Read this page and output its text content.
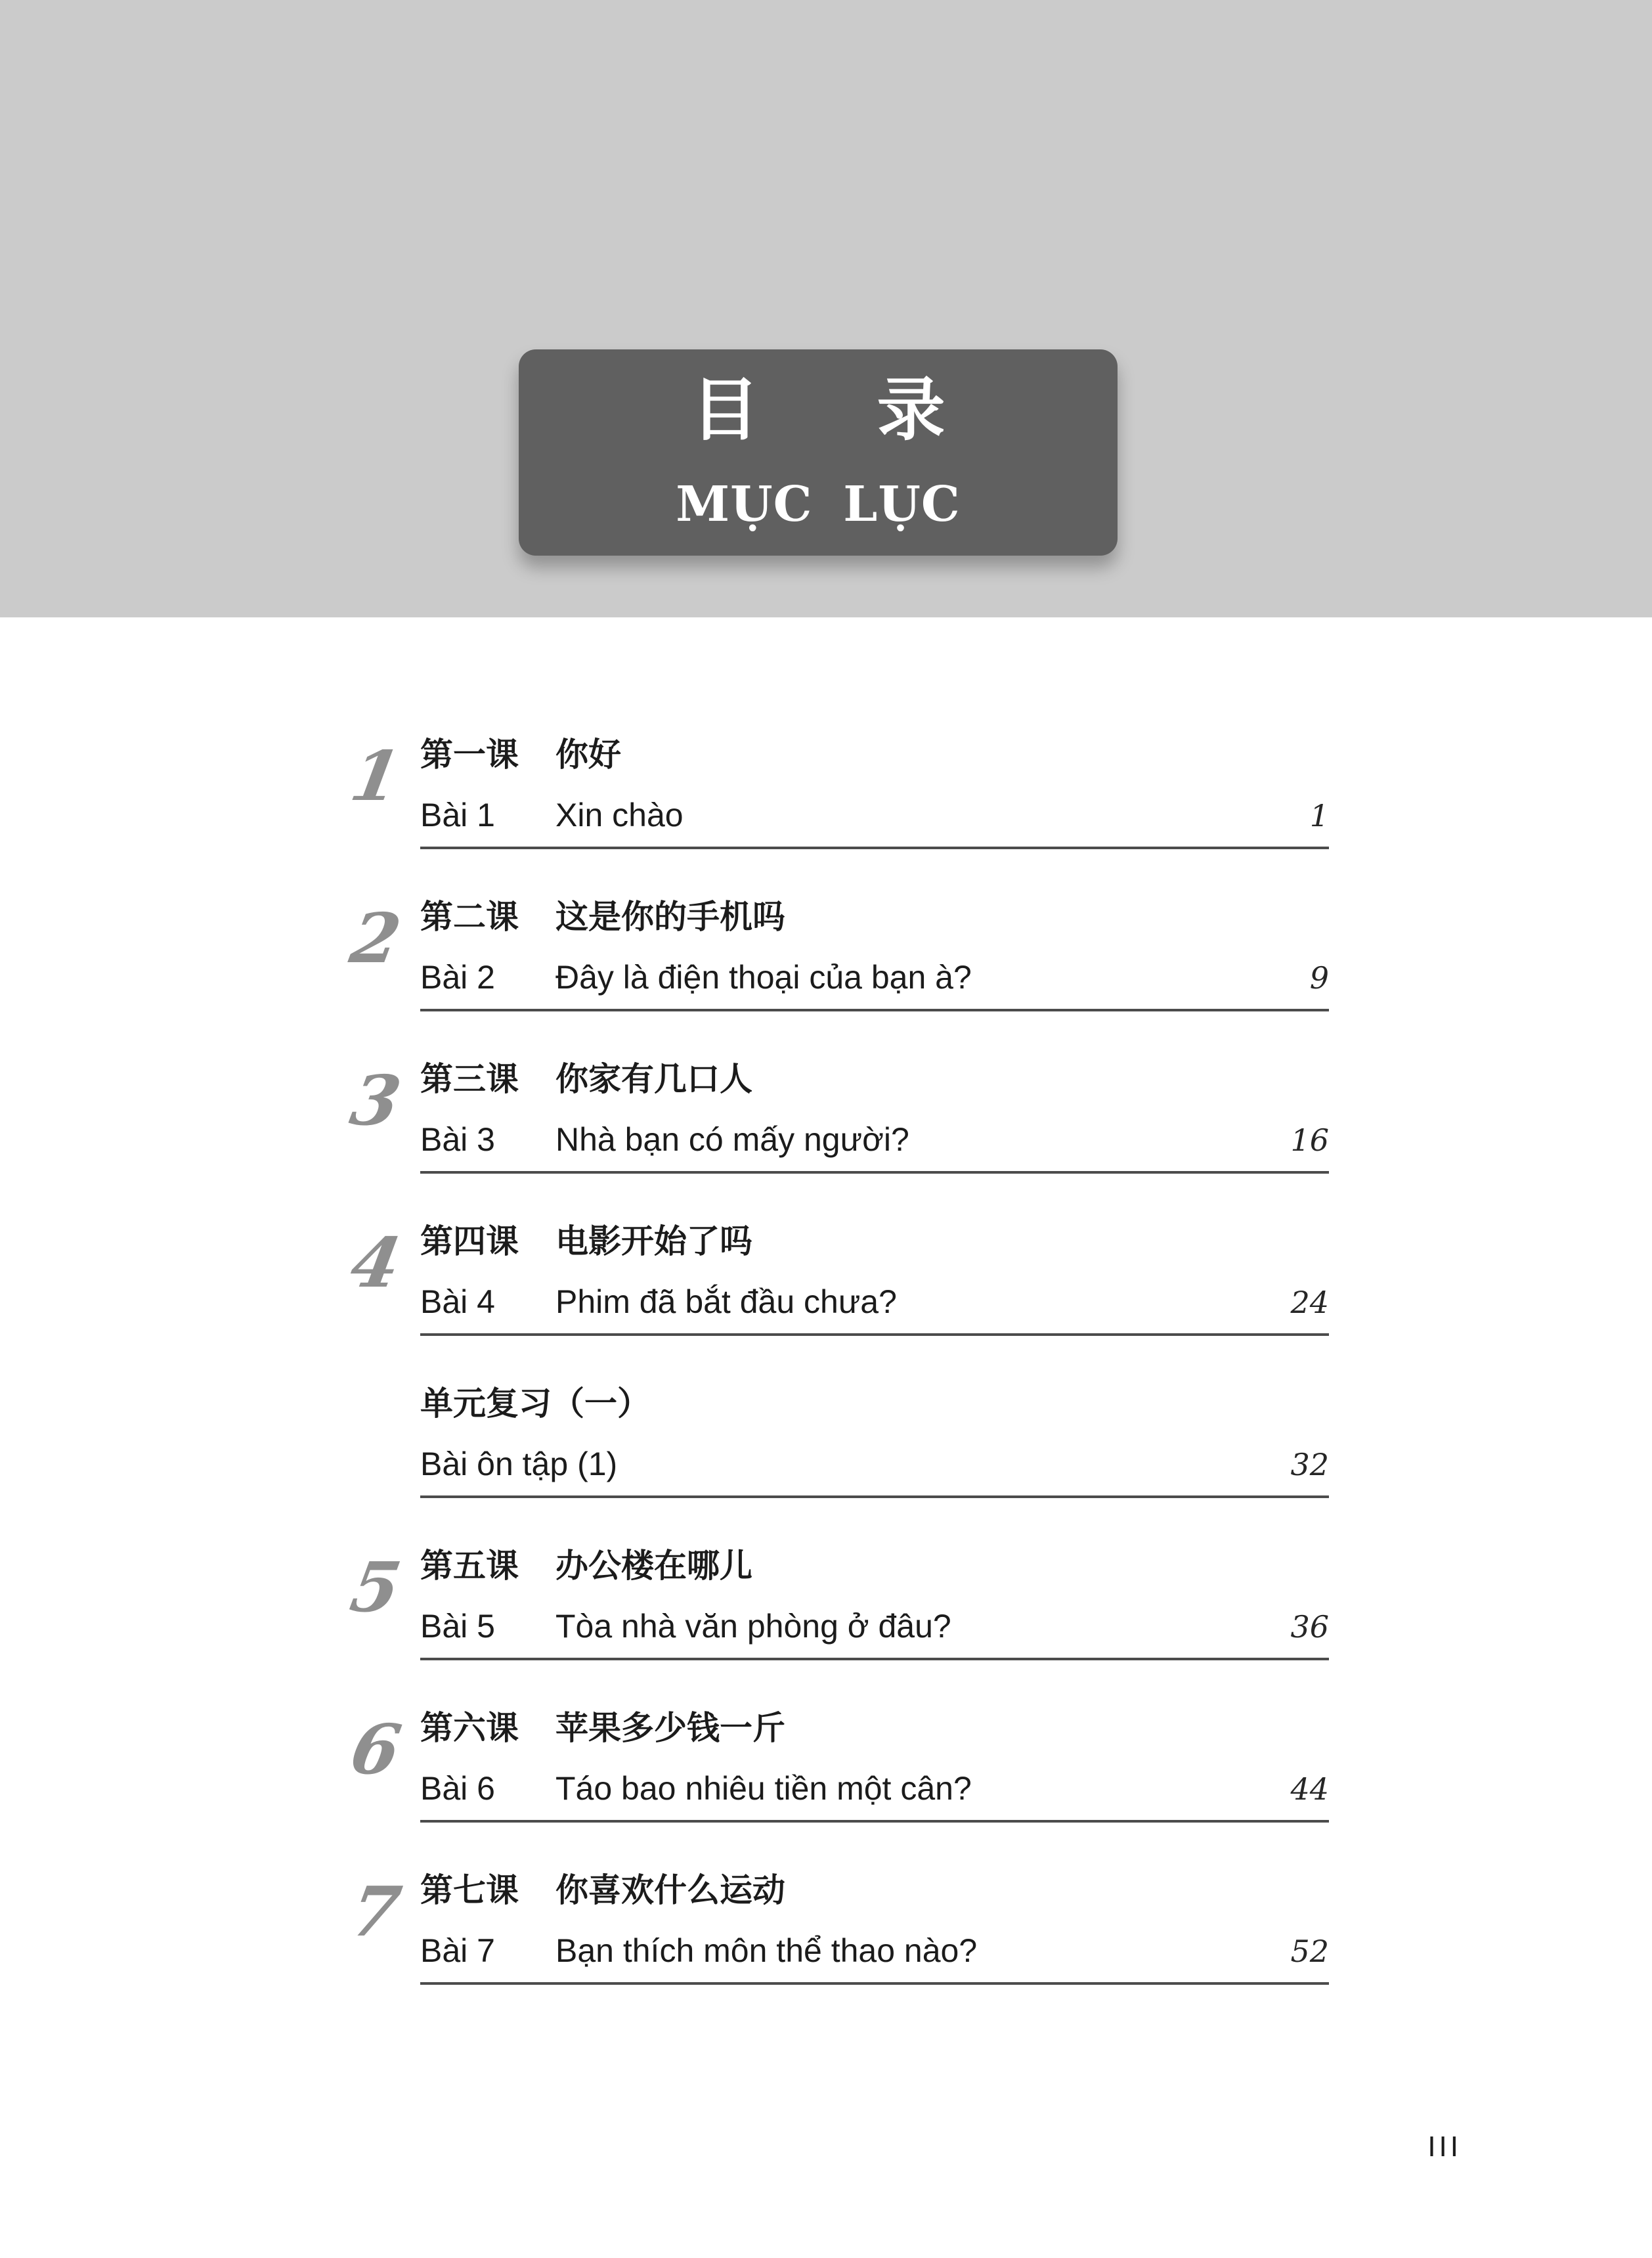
目 录
MỤC LỤC
1 第一课	你好
Bài 1	Xin chào	1
2 第二课	这是你的手机吗
Bài 2	Đây là điện thoại của bạn à?	9
3 第三课	你家有几口人
Bài 3	Nhà bạn có mấy người?	16
4 第四课	电影开始了吗
Bài 4	Phim đã bắt đầu chưa?	24
单元复习（一）
Bài ôn tập (1)	32
5 第五课	办公楼在哪儿
Bài 5	Tòa nhà văn phòng ở đâu?	36
6 第六课	苹果多少钱一斤
Bài 6	Táo bao nhiêu tiền một cân?	44
7 第七课	你喜欢什么运动
Bài 7	Bạn thích môn thể thao nào?	52
III
